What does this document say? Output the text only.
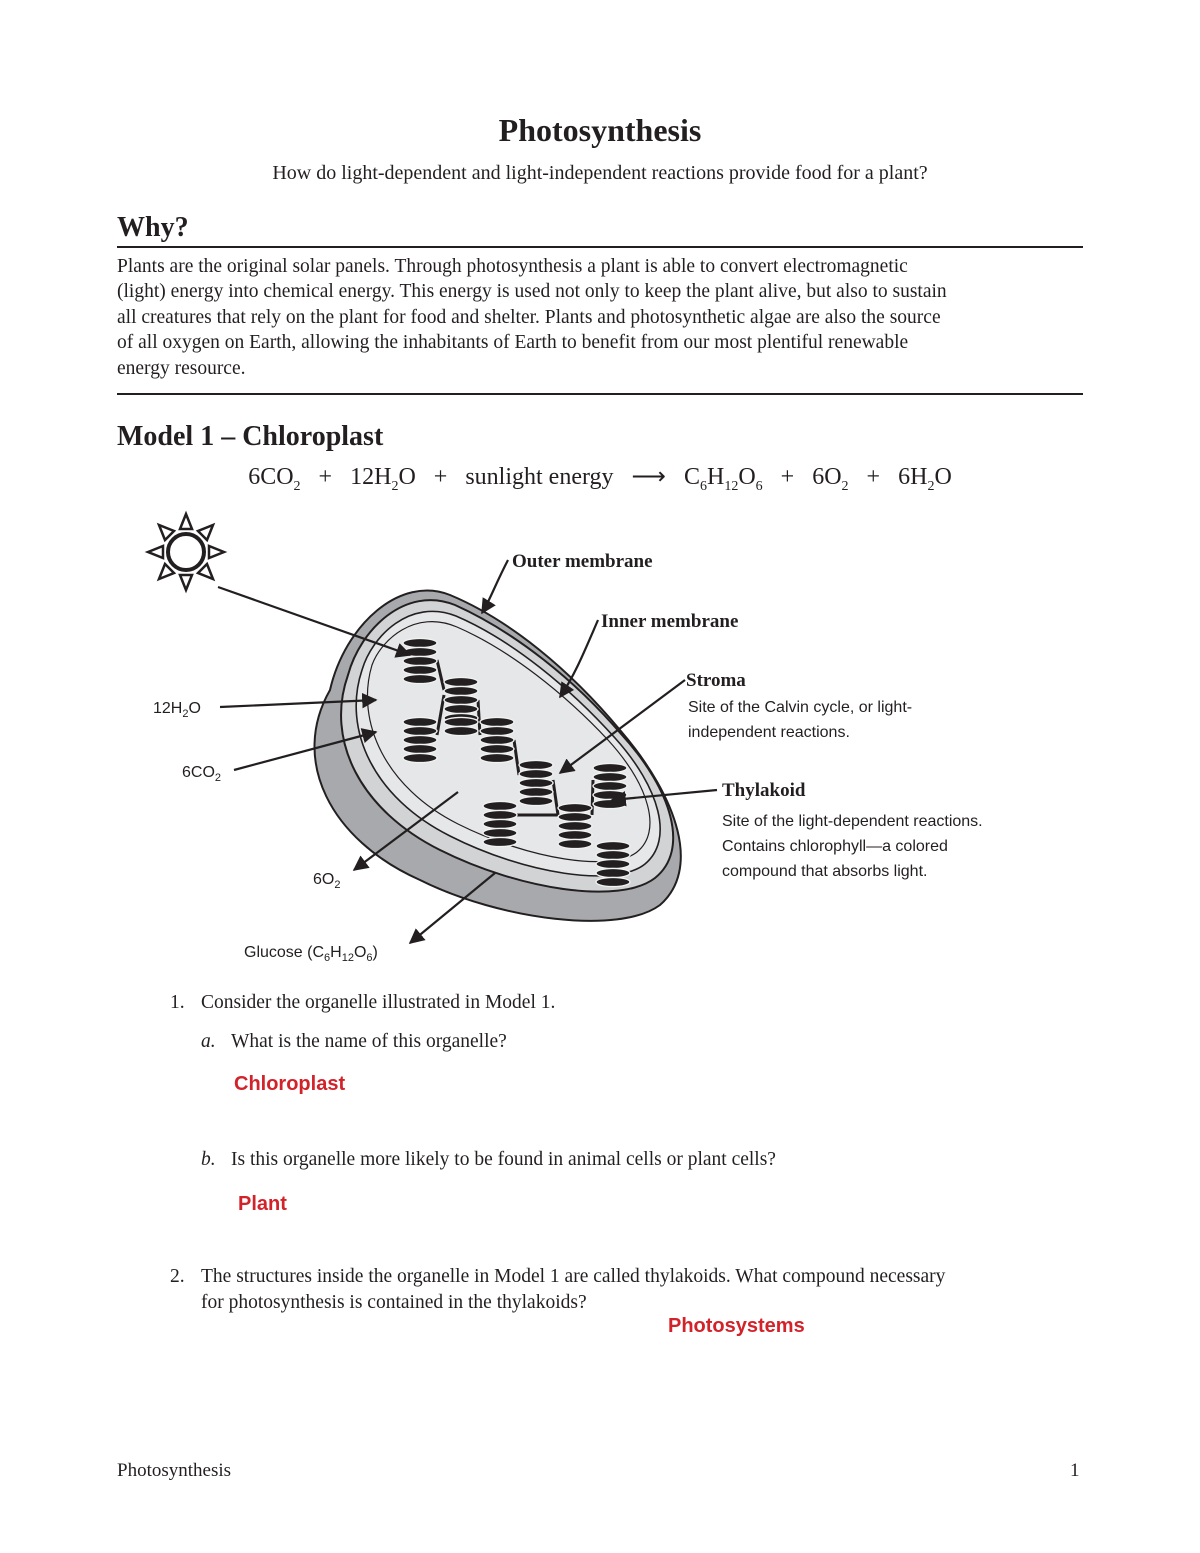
Photosynthesis
How do light-dependent and light-independent reactions provide food for a plant?
Why?
Plants are the original solar panels. Through photosynthesis a plant is able to convert electromagnetic
(light) energy into chemical energy. This energy is used not only to keep the plant alive, but also to sustain
all creatures that rely on the plant for food and shelter. Plants and photosynthetic algae are also the source
of all oxygen on Earth, allowing the inhabitants of Earth to benefit from our most plentiful renewable
energy resource.
Model 1 – Chloroplast
$6CO_2 + 12H_2O$ + sunlight energy ⟶ $C_6H_{12}O_6 + 6O_2 + 6H_2O$
Outer membrane
Inner membrane
Stroma
Site of the Calvin cycle, or light-
independent reactions.
Thylakoid
Site of the light-dependent reactions.
Contains chlorophyll—a colored
compound that absorbs light.
$12H_2O$
$6CO_2$
$6O_2$
Glucose $(C_6H_{12}O_6)$
1. Consider the organelle illustrated in Model 1.
a. What is the name of this organelle?
Chloroplast
b. Is this organelle more likely to be found in animal cells or plant cells?
Plant
2. The structures inside the organelle in Model 1 are called thylakoids. What compound necessary
for photosynthesis is contained in the thylakoids?
Photosystems
Photosynthesis	1
